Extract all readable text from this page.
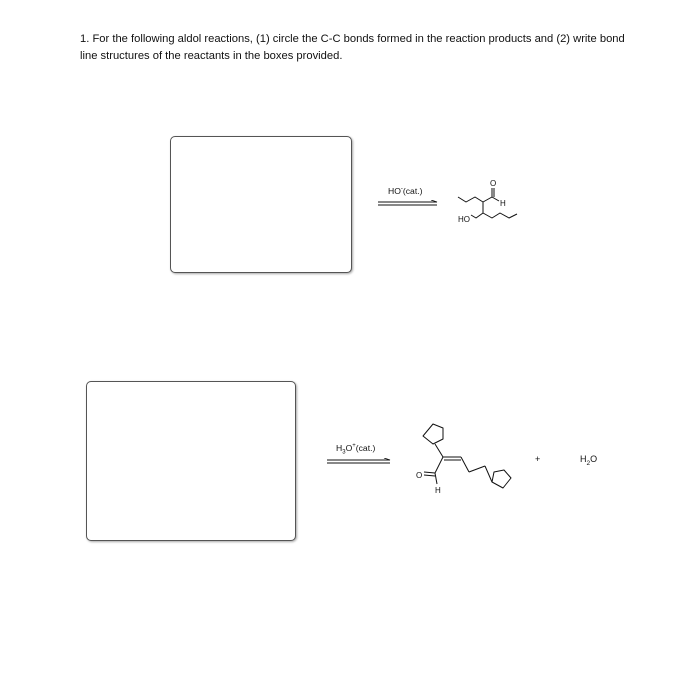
1. For the following aldol reactions, (1) circle the C-C bonds formed in the reaction products and (2) write bond line structures of the reactants in the boxes provided.
HO-(cat.)
O
H
HO
$H_3O^+(cat.)$
O
H
+	$H_2O$
